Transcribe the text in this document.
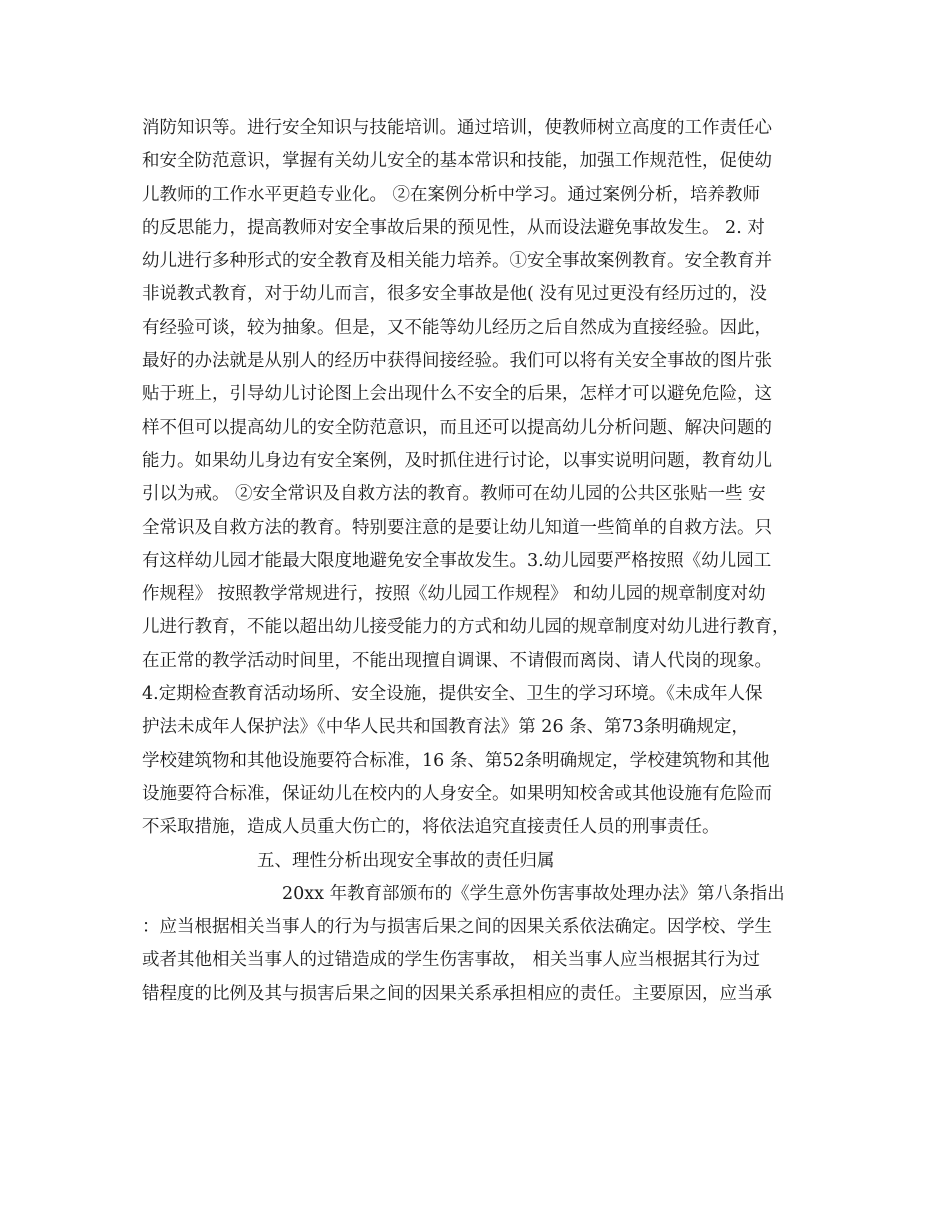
消防知识等。进行安全知识与技能培训。通过培训，使教师树立高度的工作责任心
和安全防范意识，掌握有关幼儿安全的基本常识和技能，加强工作规范性，促使幼
儿教师的工作水平更趋专业化。 ②在案例分析中学习。通过案例分析，培养教师
的反思能力，提高教师对安全事故后果的预见性，从而设法避免事故发生。 2. 对
幼儿进行多种形式的安全教育及相关能力培养。①安全事故案例教育。安全教育并
非说教式教育，对于幼儿而言，很多安全事故是他( 没有见过更没有经历过的，没
有经验可谈，较为抽象。但是，又不能等幼儿经历之后自然成为直接经验。因此，
最好的办法就是从别人的经历中获得间接经验。我们可以将有关安全事故的图片张
贴于班上，引导幼儿讨论图上会出现什么不安全的后果，怎样才可以避免危险，这
样不但可以提高幼儿的安全防范意识，而且还可以提高幼儿分析问题、解决问题的
能力。如果幼儿身边有安全案例，及时抓住进行讨论，以事实说明问题，教育幼儿
引以为戒。 ②安全常识及自救方法的教育。教师可在幼儿园的公共区张贴一些 安
全常识及自救方法的教育。特别要注意的是要让幼儿知道一些简单的自救方法。只
有这样幼儿园才能最大限度地避免安全事故发生。3.幼儿园要严格按照《幼儿园工
作规程》 按照教学常规进行，按照《幼儿园工作规程》 和幼儿园的规章制度对幼
儿进行教育，不能以超出幼儿接受能力的方式和幼儿园的规章制度对幼儿进行教育，
在正常的教学活动时间里，不能出现擅自调课、不请假而离岗、请人代岗的现象。
4.定期检查教育活动场所、安全设施，提供安全、卫生的学习环境。《未成年人保
护法未成年人保护法》《中华人民共和国教育法》第 26 条、第73条明确规定，
学校建筑物和其他设施要符合标准，16 条、第52条明确规定，学校建筑物和其他
设施要符合标准，保证幼儿在校内的人身安全。如果明知校舍或其他设施有危险而
不采取措施，造成人员重大伤亡的，将依法追究直接责任人员的刑事责任。
五、理性分析出现安全事故的责任归属
20xx 年教育部颁布的《学生意外伤害事故处理办法》第八条指出
：应当根据相关当事人的行为与损害后果之间的因果关系依法确定。因学校、学生
或者其他相关当事人的过错造成的学生伤害事故， 相关当事人应当根据其行为过
错程度的比例及其与损害后果之间的因果关系承担相应的责任。主要原因，应当承
